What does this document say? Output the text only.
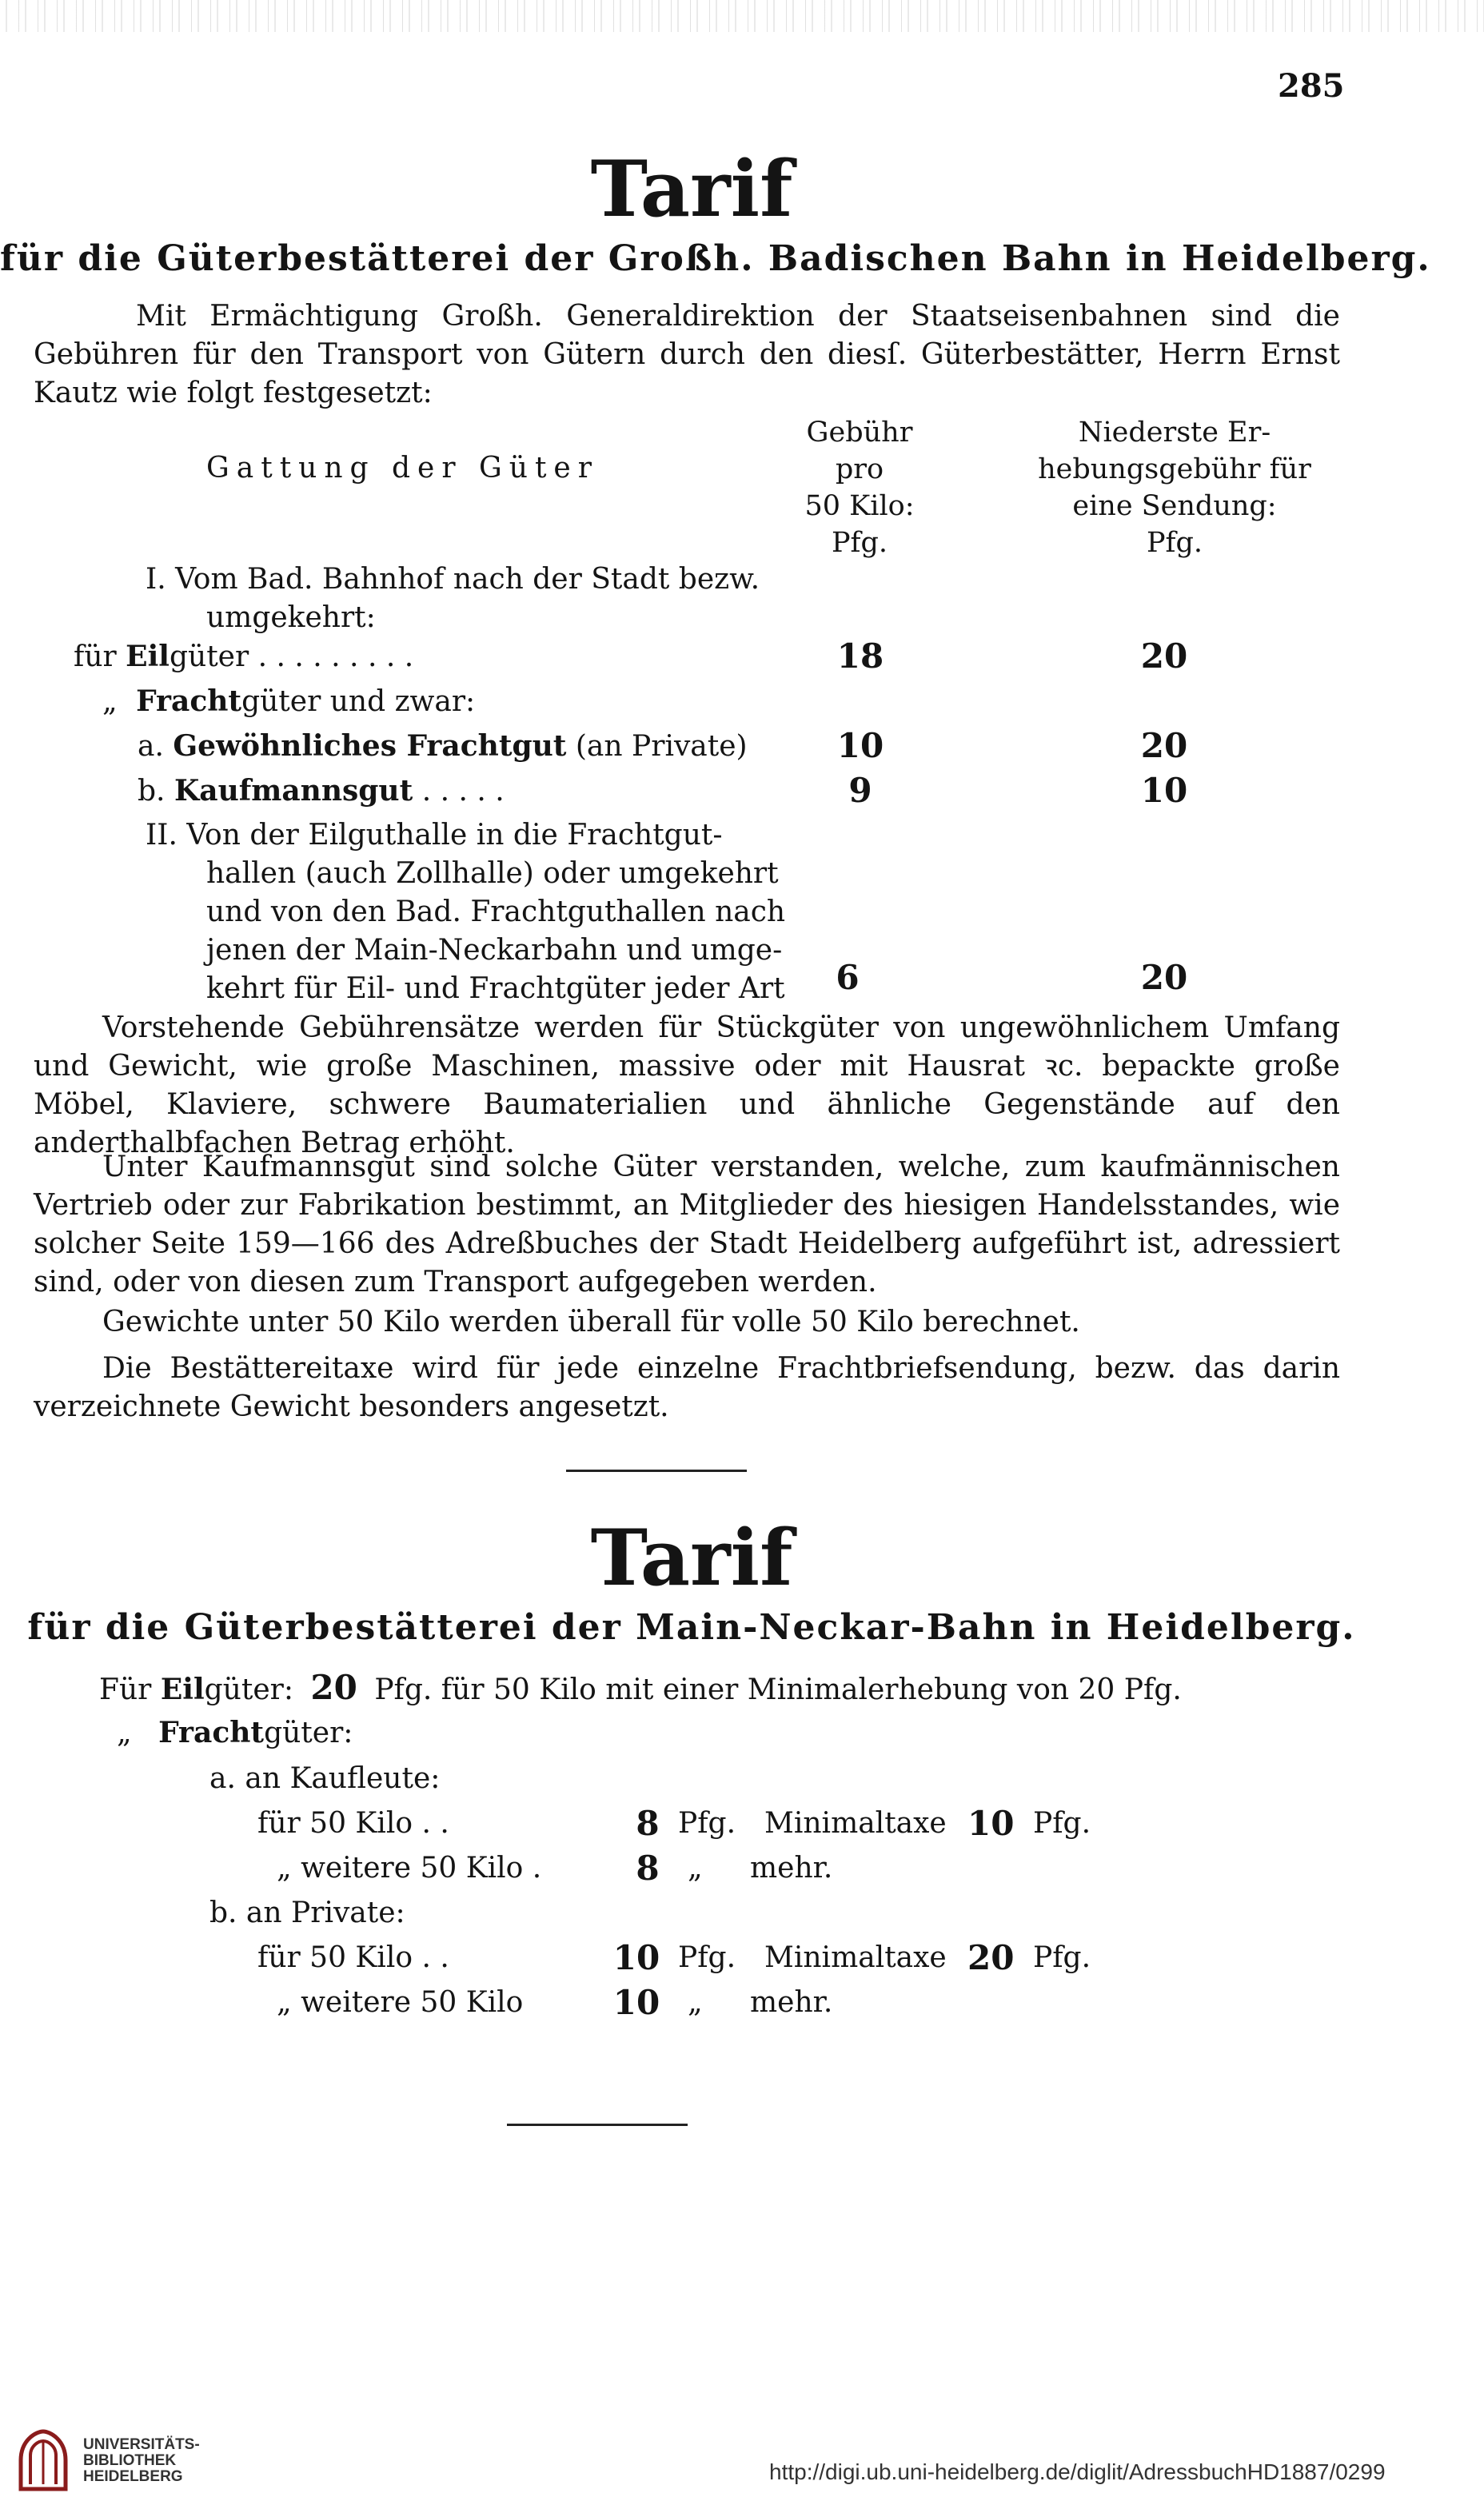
285
Tarif
für die Güterbestätterei der Großh. Badischen Bahn in Heidelberg.
Mit Ermächtigung Großh. Generaldirektion der Staatseisenbahnen sind die Gebühren für den Transport von Gütern durch den diesſ. Güterbestätter, Herrn Ernst Kautz wie folgt festgesetzt:
Gattung der Güter
Gebühr
pro
50 Kilo:
Pfg.
Niederste Er-
hebungsgebühr für
eine Sendung:
Pfg.
I. Vom Bad. Bahnhof nach der Stadt bezw.
umgekehrt:
für Eilgüter . . . . . . . . .	18	20
„ Frachtgüter und zwar:
a. Gewöhnliches Frachtgut (an Private)	10	20
b. Kaufmannsgut . . . . .	9	10
II. Von der Eilguthalle in die Frachtgut-
hallen (auch Zollhalle) oder umgekehrt
und von den Bad. Frachtguthallen nach
jenen der Main-Neckarbahn und umge-
kehrt für Eil- und Frachtgüter jeder Art	6	20
Vorstehende Gebührensätze werden für Stückgüter von ungewöhnlichem Umfang und Gewicht, wie große Maschinen, massive oder mit Hausrat ꝛc. bepackte große Möbel, Klaviere, schwere Baumaterialien und ähnliche Gegenstände auf den anderthalbfachen Betrag erhöht.
Unter Kaufmannsgut sind solche Güter verstanden, welche, zum kaufmännischen Vertrieb oder zur Fabrikation bestimmt, an Mitglieder des hiesigen Handelsstandes, wie solcher Seite 159—166 des Adreßbuches der Stadt Heidelberg aufgeführt ist, adressiert sind, oder von diesen zum Transport aufgegeben werden.
Gewichte unter 50 Kilo werden überall für volle 50 Kilo berechnet.
Die Bestättereitaxe wird für jede einzelne Frachtbriefsendung, bezw. das darin verzeichnete Gewicht besonders angesetzt.
Tarif
für die Güterbestätterei der Main-Neckar-Bahn in Heidelberg.
Für Eilgüter: 20 Pfg. für 50 Kilo mit einer Minimalerhebung von 20 Pfg.
„ Frachtgüter:
a. an Kaufleute:
für 50 Kilo . .	8 Pfg. Minimaltaxe 10 Pfg.
„ weitere 50 Kilo .	8 „ mehr.
b. an Private:
für 50 Kilo . .	10 Pfg. Minimaltaxe 20 Pfg.
„ weitere 50 Kilo	10 „ mehr.
UNIVERSITÄTS-
BIBLIOTHEK
HEIDELBERG	http://digi.ub.uni-heidelberg.de/diglit/AdressbuchHD1887/0299
